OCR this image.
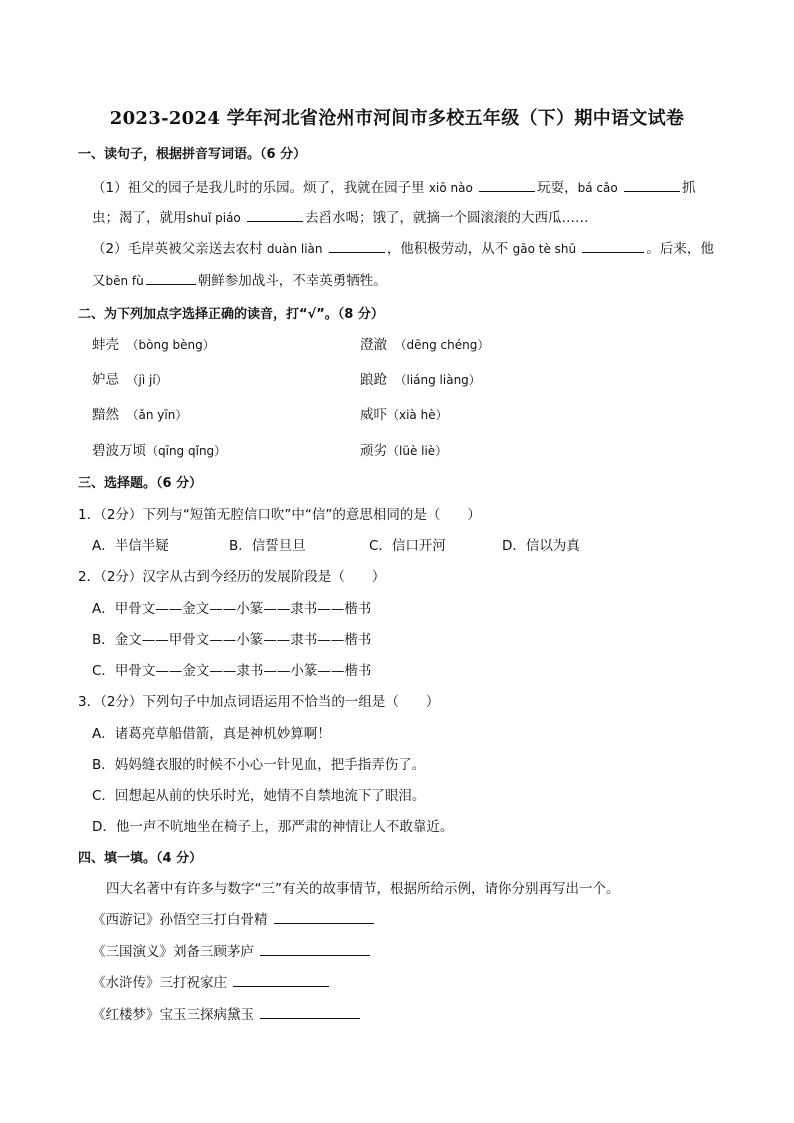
2023-2024 学年河北省沧州市河间市多校五年级（下）期中语文试卷
一、读句子，根据拼音写词语。（6 分）
（1）祖父的园子是我儿时的乐园。烦了，我就在园子里 xiō nào	玩耍，bá cǎo	抓
虫；渴了，就用shuǐ piáo	去舀水喝；饿了，就摘一个圆滚滚的大西瓜……
（2）毛岸英被父亲送去农村 duàn liàn	，他积极劳动，从不 gāo tè shū	。后来，他
又bēn fù	朝鲜参加战斗，不幸英勇牺牲。
二、为下列加点字选择正确的读音，打“√”。（8 分）
蚌壳　 （bòng bèng）	澄澈　 （dēng chéng）
妒忌　 （jì jí）	踉跄　 （liáng liàng）
黯然　 （ǎn yīn）	威吓（xià hè）
碧波万顷（qīng qǐng）	顽劣（lüè liè）
三、选择题。（6 分）
1．（2分）下列与“短笛无腔信口吹”中“信”的意思相同的是（　　）
A．半信半疑	B．信誓旦旦	C．信口开河	D．信以为真
2．（2分）汉字从古到今经历的发展阶段是（　　）
A．甲骨文——金文——小篆——隶书——楷书
B．金文——甲骨文——小篆——隶书——楷书
C．甲骨文——金文——隶书——小篆——楷书
3．（2分）下列句子中加点词语运用不恰当的一组是（　　）
A．诸葛亮草船借箭，真是神机妙算啊！
B．妈妈缝衣服的时候不小心一针见血，把手指弄伤了。
C．回想起从前的快乐时光，她情不自禁地流下了眼泪。
D．他一声不吭地坐在椅子上，那严肃的神情让人不敢靠近。
四、填一填。（4 分）
四大名著中有许多与数字“三”有关的故事情节，根据所给示例，请你分别再写出一个。
《西游记》孙悟空三打白骨精
《三国演义》刘备三顾茅庐
《水浒传》三打祝家庄
《红楼梦》宝玉三探病黛玉
